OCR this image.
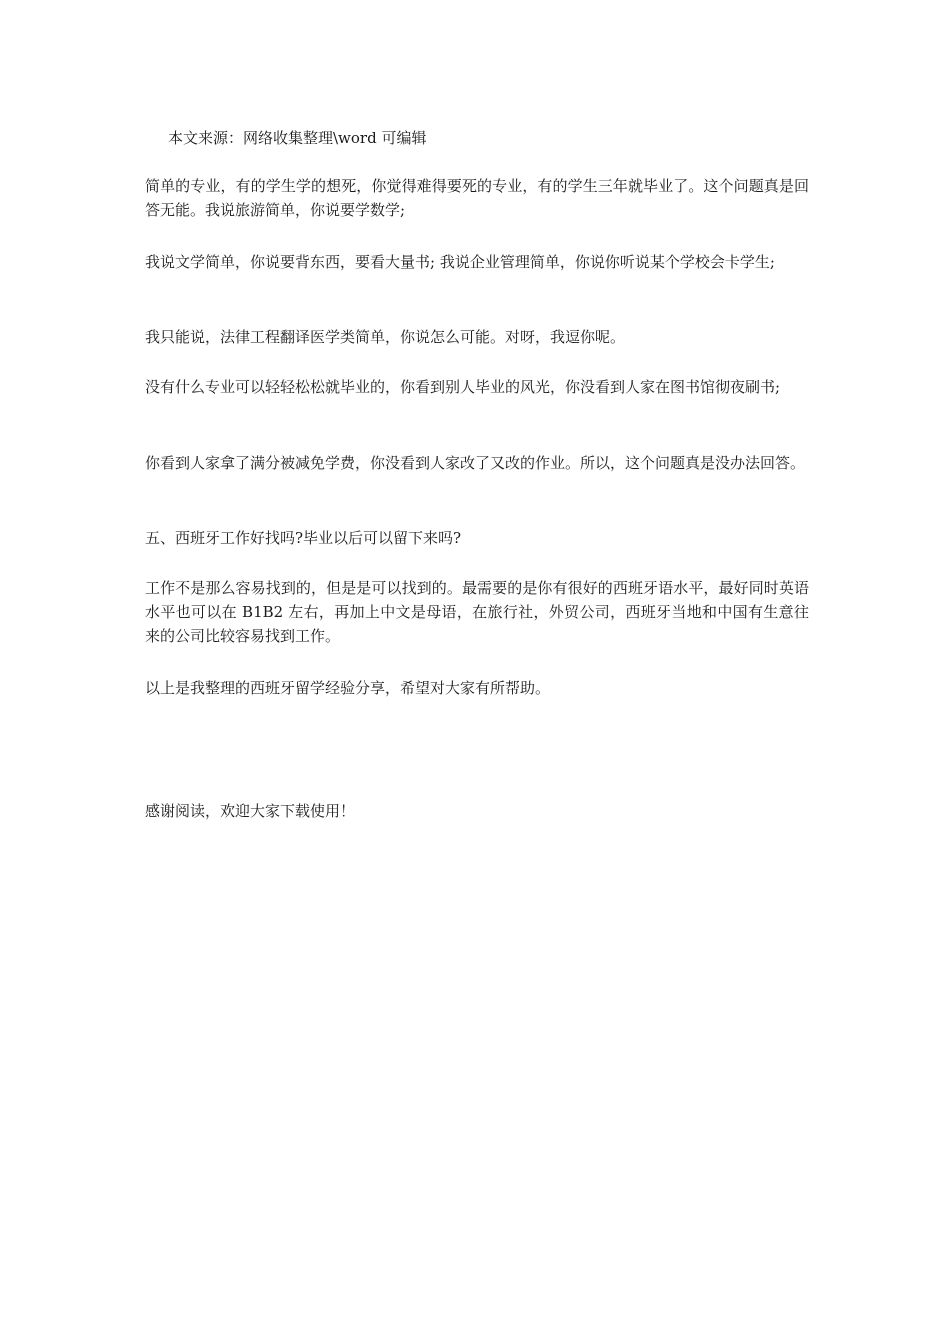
本文来源：网络收集整理\word 可编辑

简单的专业，有的学生学的想死，你觉得难得要死的专业，有的学生三年就毕业了。这个问题真是回答无能。我说旅游简单，你说要学数学;

我说文学简单，你说要背东西，要看大量书; 我说企业管理简单，你说你听说某个学校会卡学生;

我只能说，法律工程翻译医学类简单，你说怎么可能。对呀，我逗你呢。

没有什么专业可以轻轻松松就毕业的，你看到别人毕业的风光，你没看到人家在图书馆彻夜刷书;

你看到人家拿了满分被减免学费，你没看到人家改了又改的作业。所以，这个问题真是没办法回答。

五、西班牙工作好找吗?毕业以后可以留下来吗?

工作不是那么容易找到的，但是是可以找到的。最需要的是你有很好的西班牙语水平，最好同时英语水平也可以在 B1B2 左右，再加上中文是母语，在旅行社，外贸公司，西班牙当地和中国有生意往来的公司比较容易找到工作。

以上是我整理的西班牙留学经验分享，希望对大家有所帮助。

感谢阅读，欢迎大家下载使用！
